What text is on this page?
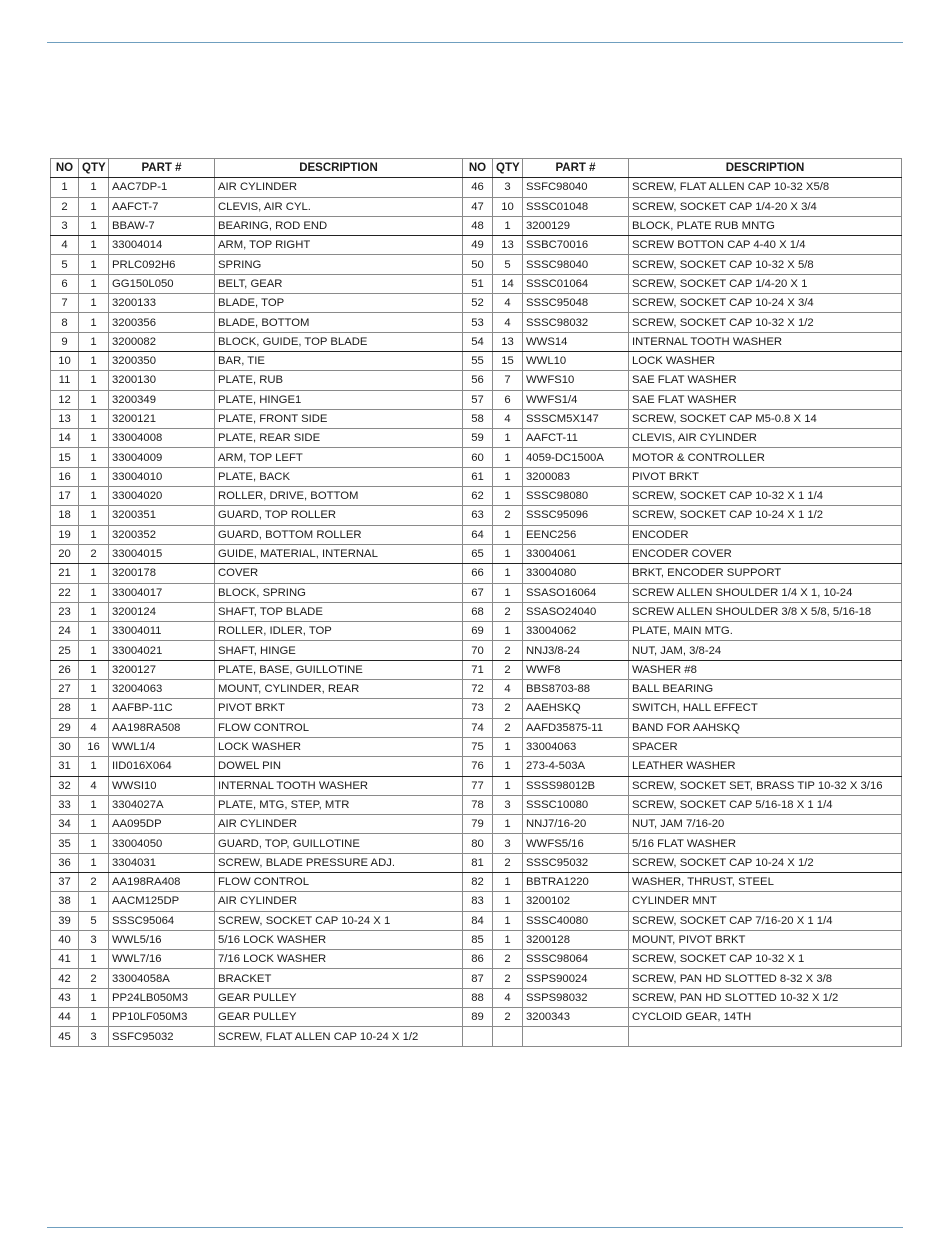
NO	QTY	PART #	DESCRIPTION	NO	QTY	PART #	DESCRIPTION
1	1	AAC7DP-1	AIR CYLINDER	46	3	SSFC98040	SCREW, FLAT ALLEN CAP 10-32 X5/8
2	1	AAFCT-7	CLEVIS, AIR CYL.	47	10	SSSC01048	SCREW, SOCKET CAP 1/4-20 X 3/4
3	1	BBAW-7	BEARING, ROD END	48	1	3200129	BLOCK, PLATE RUB MNTG
4	1	33004014	ARM, TOP RIGHT	49	13	SSBC70016	SCREW BOTTON CAP 4-40 X 1/4
5	1	PRLC092H6	SPRING	50	5	SSSC98040	SCREW, SOCKET CAP 10-32 X 5/8
6	1	GG150L050	BELT, GEAR	51	14	SSSC01064	SCREW, SOCKET CAP 1/4-20 X 1
7	1	3200133	BLADE, TOP	52	4	SSSC95048	SCREW, SOCKET CAP 10-24 X 3/4
8	1	3200356	BLADE, BOTTOM	53	4	SSSC98032	SCREW, SOCKET CAP 10-32 X 1/2
9	1	3200082	BLOCK, GUIDE, TOP BLADE	54	13	WWS14	INTERNAL TOOTH WASHER
10	1	3200350	BAR, TIE	55	15	WWL10	LOCK WASHER
11	1	3200130	PLATE, RUB	56	7	WWFS10	SAE FLAT WASHER
12	1	3200349	PLATE, HINGE1	57	6	WWFS1/4	SAE FLAT WASHER
13	1	3200121	PLATE, FRONT SIDE	58	4	SSSCM5X147	SCREW, SOCKET CAP M5-0.8 X 14
14	1	33004008	PLATE, REAR SIDE	59	1	AAFCT-11	CLEVIS, AIR CYLINDER
15	1	33004009	ARM, TOP LEFT	60	1	4059-DC1500A	MOTOR & CONTROLLER
16	1	33004010	PLATE, BACK	61	1	3200083	PIVOT BRKT
17	1	33004020	ROLLER, DRIVE, BOTTOM	62	1	SSSC98080	SCREW, SOCKET CAP 10-32 X 1 1/4
18	1	3200351	GUARD, TOP ROLLER	63	2	SSSC95096	SCREW, SOCKET CAP 10-24 X 1 1/2
19	1	3200352	GUARD, BOTTOM ROLLER	64	1	EENC256	ENCODER
20	2	33004015	GUIDE, MATERIAL, INTERNAL	65	1	33004061	ENCODER COVER
21	1	3200178	COVER	66	1	33004080	BRKT, ENCODER SUPPORT
22	1	33004017	BLOCK, SPRING	67	1	SSASO16064	SCREW ALLEN SHOULDER 1/4 X 1, 10-24
23	1	3200124	SHAFT, TOP BLADE	68	2	SSASO24040	SCREW ALLEN SHOULDER 3/8 X 5/8, 5/16-18
24	1	33004011	ROLLER, IDLER, TOP	69	1	33004062	PLATE, MAIN MTG.
25	1	33004021	SHAFT, HINGE	70	2	NNJ3/8-24	NUT, JAM, 3/8-24
26	1	3200127	PLATE, BASE, GUILLOTINE	71	2	WWF8	WASHER #8
27	1	32004063	MOUNT, CYLINDER, REAR	72	4	BBS8703-88	BALL BEARING
28	1	AAFBP-11C	PIVOT BRKT	73	2	AAEHSKQ	SWITCH, HALL EFFECT
29	4	AA198RA508	FLOW CONTROL	74	2	AAFD35875-11	BAND FOR AAHSKQ
30	16	WWL1/4	LOCK WASHER	75	1	33004063	SPACER
31	1	IID016X064	DOWEL PIN	76	1	273-4-503A	LEATHER WASHER
32	4	WWSI10	INTERNAL TOOTH WASHER	77	1	SSSS98012B	SCREW, SOCKET SET, BRASS TIP 10-32 X 3/16
33	1	3304027A	PLATE, MTG, STEP, MTR	78	3	SSSC10080	SCREW, SOCKET CAP 5/16-18 X 1 1/4
34	1	AA095DP	AIR CYLINDER	79	1	NNJ7/16-20	NUT, JAM 7/16-20
35	1	33004050	GUARD, TOP, GUILLOTINE	80	3	WWFS5/16	5/16 FLAT WASHER
36	1	3304031	SCREW, BLADE PRESSURE ADJ.	81	2	SSSC95032	SCREW, SOCKET CAP 10-24 X 1/2
37	2	AA198RA408	FLOW CONTROL	82	1	BBTRA1220	WASHER, THRUST, STEEL
38	1	AACM125DP	AIR CYLINDER	83	1	3200102	CYLINDER MNT
39	5	SSSC95064	SCREW, SOCKET CAP 10-24 X 1	84	1	SSSC40080	SCREW, SOCKET CAP 7/16-20 X 1 1/4
40	3	WWL5/16	5/16 LOCK WASHER	85	1	3200128	MOUNT, PIVOT BRKT
41	1	WWL7/16	7/16 LOCK WASHER	86	2	SSSC98064	SCREW, SOCKET CAP 10-32 X 1
42	2	33004058A	BRACKET	87	2	SSPS90024	SCREW, PAN HD SLOTTED 8-32 X 3/8
43	1	PP24LB050M3	GEAR PULLEY	88	4	SSPS98032	SCREW, PAN HD SLOTTED 10-32 X 1/2
44	1	PP10LF050M3	GEAR PULLEY	89	2	3200343	CYCLOID GEAR, 14TH
45	3	SSFC95032	SCREW, FLAT ALLEN CAP 10-24 X 1/2				
